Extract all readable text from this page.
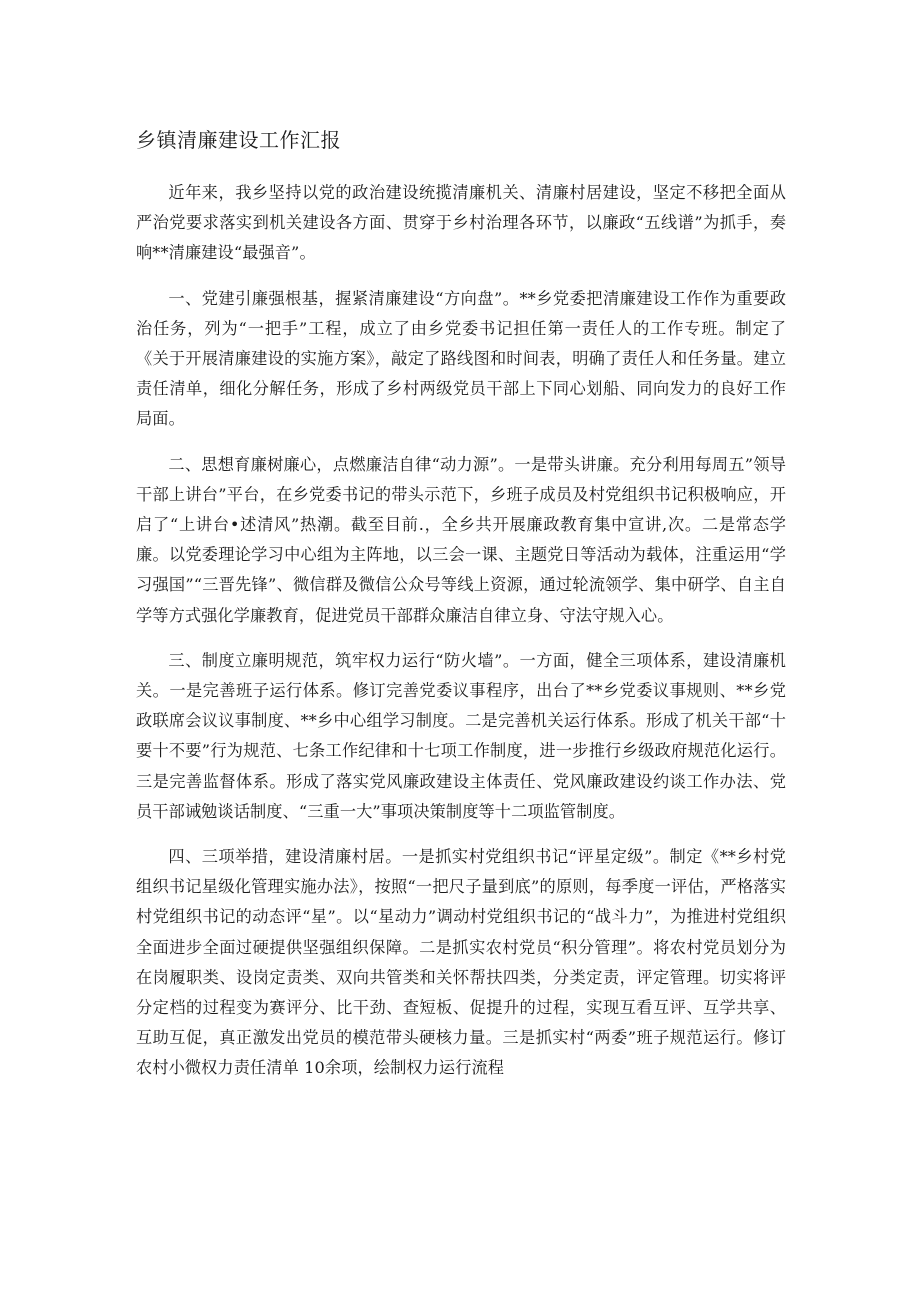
乡镇清廉建设工作汇报

近年来，我乡坚持以党的政治建设统揽清廉机关、清廉村居建设，坚定不移把全面从严治党要求落实到机关建设各方面、贯穿于乡村治理各环节，以廉政“五线谱”为抓手，奏响**清廉建设“最强音”。

一、党建引廉强根基，握紧清廉建设“方向盘”。**乡党委把清廉建设工作作为重要政治任务，列为“一把手”工程，成立了由乡党委书记担任第一责任人的工作专班。制定了《关于开展清廉建设的实施方案》，敲定了路线图和时间表，明确了责任人和任务量。建立责任清单，细化分解任务，形成了乡村两级党员干部上下同心划船、同向发力的良好工作局面。

二、思想育廉树廉心，点燃廉洁自律“动力源”。一是带头讲廉。充分利用每周五”领导干部上讲台”平台，在乡党委书记的带头示范下，乡班子成员及村党组织书记积极响应，开启了“上讲台•述清风”热潮。截至目前.，全乡共开展廉政教育集中宣讲,次。二是常态学廉。以党委理论学习中心组为主阵地，以三会一课、主题党日等活动为载体，注重运用“学习强国”“三晋先锋”、微信群及微信公众号等线上资源，通过轮流领学、集中研学、自主自学等方式强化学廉教育，促进党员干部群众廉洁自律立身、守法守规入心。

三、制度立廉明规范，筑牢权力运行“防火墙”。一方面，健全三项体系，建设清廉机关。一是完善班子运行体系。修订完善党委议事程序，出台了**乡党委议事规则、**乡党政联席会议议事制度、**乡中心组学习制度。二是完善机关运行体系。形成了机关干部“十要十不要”行为规范、七条工作纪律和十七项工作制度，进一步推行乡级政府规范化运行。三是完善监督体系。形成了落实党风廉政建设主体责任、党风廉政建设约谈工作办法、党员干部诫勉谈话制度、“三重一大”事项决策制度等十二项监管制度。

四、三项举措，建设清廉村居。一是抓实村党组织书记“评星定级”。制定《**乡村党组织书记星级化管理实施办法》，按照“一把尺子量到底”的原则，每季度一评估，严格落实村党组织书记的动态评“星”。以“星动力”调动村党组织书记的“战斗力”，为推进村党组织全面进步全面过硬提供坚强组织保障。二是抓实农村党员“积分管理”。将农村党员划分为在岗履职类、设岗定责类、双向共管类和关怀帮扶四类，分类定责，评定管理。切实将评分定档的过程变为赛评分、比干劲、查短板、促提升的过程，实现互看互评、互学共享、互助互促，真正激发出党员的模范带头硬核力量。三是抓实村“两委”班子规范运行。修订农村小微权力责任清单 10余项，绘制权力运行流程
